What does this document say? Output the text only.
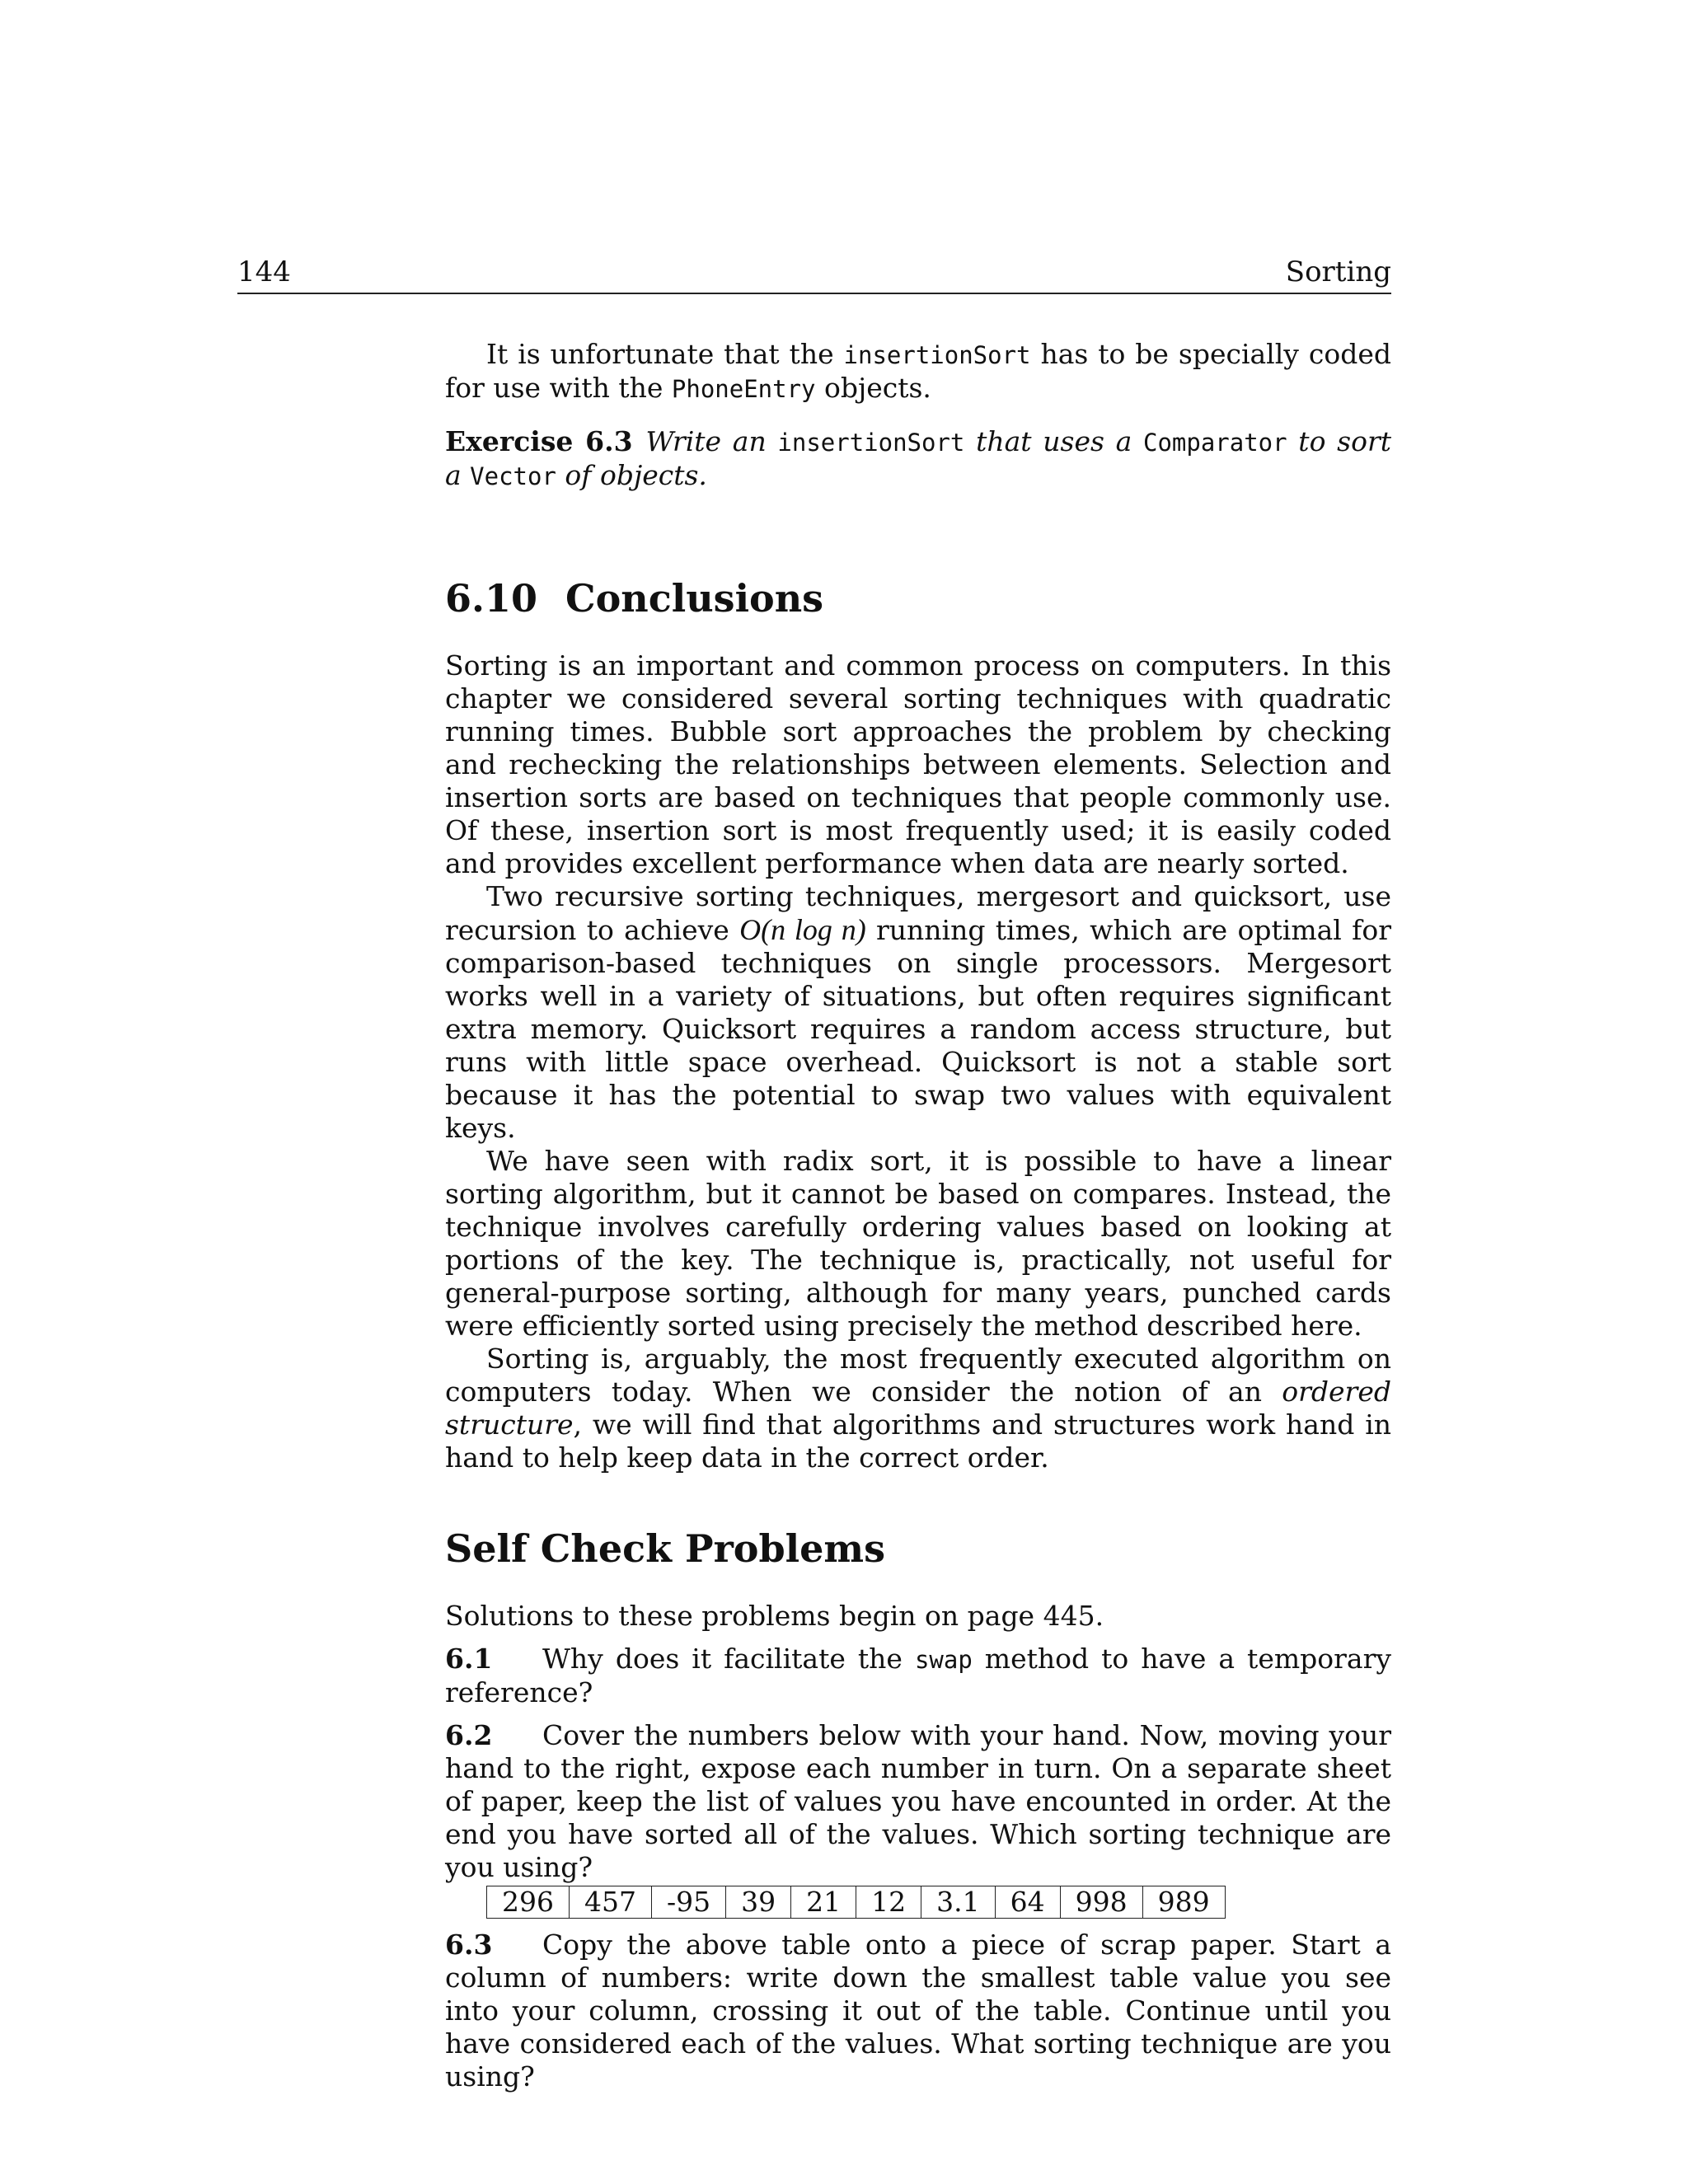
144	Sorting

It is unfortunate that the insertionSort has to be specially coded for use with the PhoneEntry objects.

Exercise 6.3 Write an insertionSort that uses a Comparator to sort a Vector of objects.

6.10 Conclusions

Sorting is an important and common process on computers. In this chapter we considered several sorting techniques with quadratic running times. Bubble sort approaches the problem by checking and rechecking the relationships between elements. Selection and insertion sorts are based on techniques that people commonly use. Of these, insertion sort is most frequently used; it is easily coded and provides excellent performance when data are nearly sorted.

Two recursive sorting techniques, mergesort and quicksort, use recursion to achieve O(n log n) running times, which are optimal for comparison-based techniques on single processors. Mergesort works well in a variety of situations, but often requires significant extra memory. Quicksort requires a random access structure, but runs with little space overhead. Quicksort is not a stable sort because it has the potential to swap two values with equivalent keys.

We have seen with radix sort, it is possible to have a linear sorting algorithm, but it cannot be based on compares. Instead, the technique involves carefully ordering values based on looking at portions of the key. The technique is, practically, not useful for general-purpose sorting, although for many years, punched cards were efficiently sorted using precisely the method described here.

Sorting is, arguably, the most frequently executed algorithm on computers today. When we consider the notion of an ordered structure, we will find that algorithms and structures work hand in hand to help keep data in the correct order.

Self Check Problems

Solutions to these problems begin on page 445.

6.1 Why does it facilitate the swap method to have a temporary reference?

6.2 Cover the numbers below with your hand. Now, moving your hand to the right, expose each number in turn. On a separate sheet of paper, keep the list of values you have encounted in order. At the end you have sorted all of the values. Which sorting technique are you using?

296	457	-95	39	21	12	3.1	64	998	989

6.3 Copy the above table onto a piece of scrap paper. Start a column of numbers: write down the smallest table value you see into your column, crossing it out of the table. Continue until you have considered each of the values. What sorting technique are you using?
